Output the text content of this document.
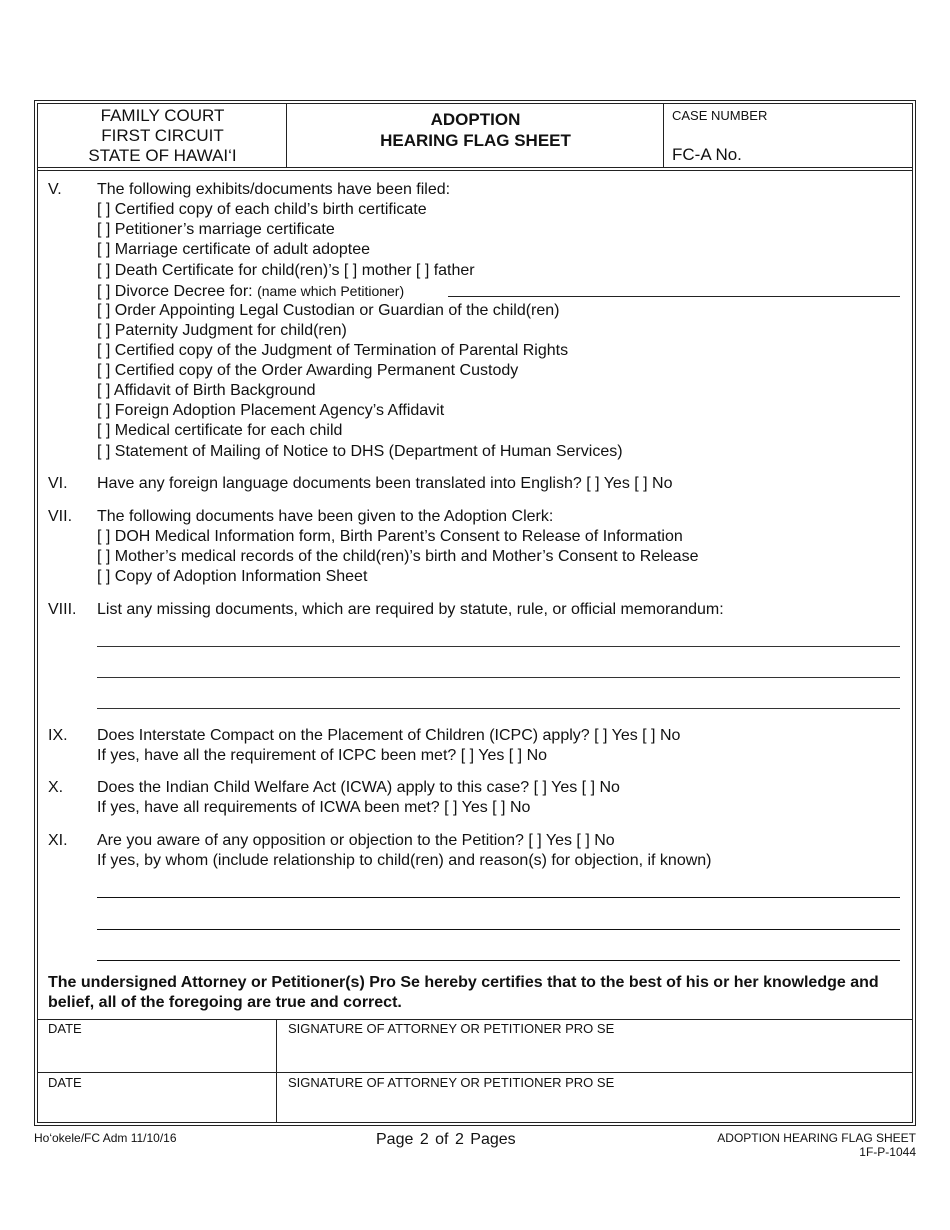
FAMILY COURT
FIRST CIRCUIT
STATE OF HAWAI‘I
ADOPTION
HEARING FLAG SHEET
CASE NUMBER
FC-A No.
V. The following exhibits/documents have been filed:
[ ] Certified copy of each child’s birth certificate
[ ] Petitioner’s marriage certificate
[ ] Marriage certificate of adult adoptee
[ ] Death Certificate for child(ren)’s [ ] mother [ ] father
[ ] Divorce Decree for: (name which Petitioner)
[ ] Order Appointing Legal Custodian or Guardian of the child(ren)
[ ] Paternity Judgment for child(ren)
[ ] Certified copy of the Judgment of Termination of Parental Rights
[ ] Certified copy of the Order Awarding Permanent Custody
[ ] Affidavit of Birth Background
[ ] Foreign Adoption Placement Agency’s Affidavit
[ ] Medical certificate for each child
[ ] Statement of Mailing of Notice to DHS (Department of Human Services)
VI. Have any foreign language documents been translated into English? [ ] Yes [ ] No
VII. The following documents have been given to the Adoption Clerk:
[ ] DOH Medical Information form, Birth Parent’s Consent to Release of Information
[ ] Mother’s medical records of the child(ren)’s birth and Mother’s Consent to Release
[ ] Copy of Adoption Information Sheet
VIII. List any missing documents, which are required by statute, rule, or official memorandum:
IX. Does Interstate Compact on the Placement of Children (ICPC) apply? [ ] Yes [ ] No
If yes, have all the requirement of ICPC been met? [ ] Yes [ ] No
X. Does the Indian Child Welfare Act (ICWA) apply to this case? [ ] Yes [ ] No
If yes, have all requirements of ICWA been met? [ ] Yes [ ] No
XI. Are you aware of any opposition or objection to the Petition? [ ] Yes [ ] No
If yes, by whom (include relationship to child(ren) and reason(s) for objection, if known)
The undersigned Attorney or Petitioner(s) Pro Se hereby certifies that to the best of his or her knowledge and belief, all of the foregoing are true and correct.
DATE	SIGNATURE OF ATTORNEY OR PETITIONER PRO SE
DATE	SIGNATURE OF ATTORNEY OR PETITIONER PRO SE
Ho‘okele/FC Adm 11/10/16	Page 2 of 2 Pages	ADOPTION HEARING FLAG SHEET
1F-P-1044
